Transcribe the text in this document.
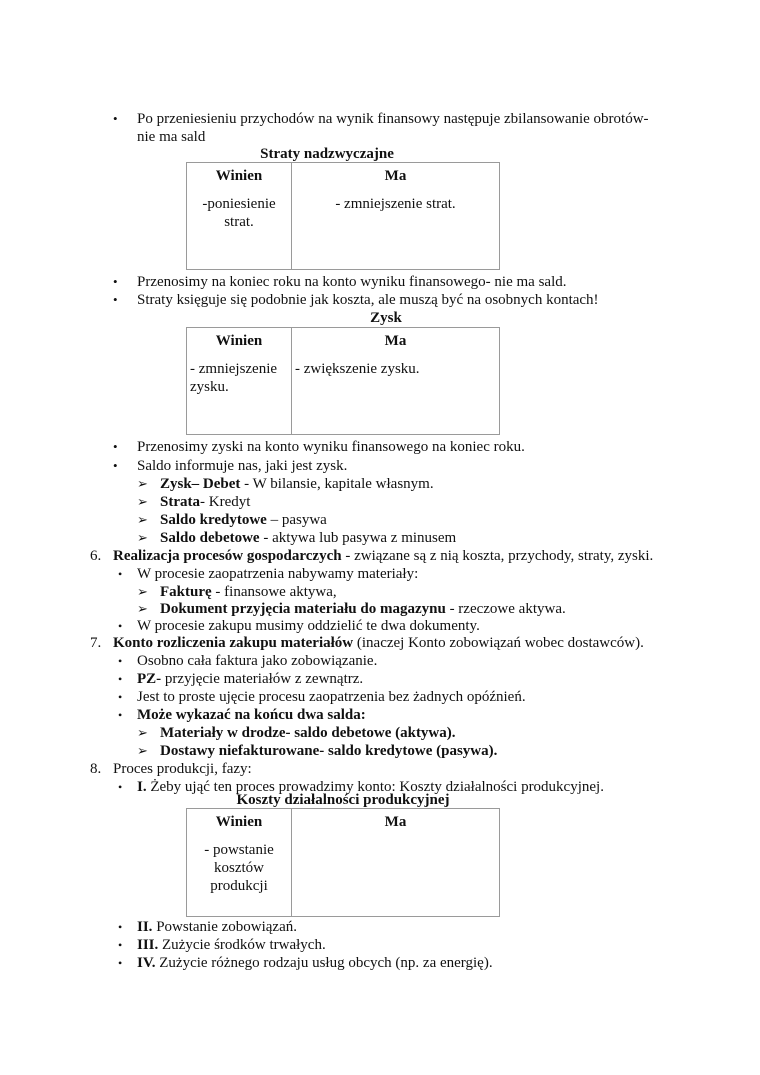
• Po przeniesieniu przychodów na wynik finansowy następuje zbilansowanie obrotów-
nie ma sald
Straty nadzwyczajne
Winien
-poniesienie
strat.
Ma
- zmniejszenie strat.
• Przenosimy na koniec roku na konto wyniku finansowego- nie ma sald.
• Straty księguje się podobnie jak koszta, ale muszą być na osobnych kontach!
Zysk
Winien
- zmniejszenie
zysku.
Ma
- zwiększenie zysku.
• Przenosimy zyski na konto wyniku finansowego na koniec roku.
• Saldo informuje nas, jaki jest zysk.
➢ Zysk– Debet - W bilansie, kapitale własnym.
➢ Strata- Kredyt
➢ Saldo kredytowe – pasywa
➢ Saldo debetowe - aktywa lub pasywa z minusem
6. Realizacja procesów gospodarczych - związane są z nią koszta, przychody, straty, zyski.
• W procesie zaopatrzenia nabywamy materiały:
➢ Fakturę - finansowe aktywa,
➢ Dokument przyjęcia materiału do magazynu - rzeczowe aktywa.
• W procesie zakupu musimy oddzielić te dwa dokumenty.
7. Konto rozliczenia zakupu materiałów (inaczej Konto zobowiązań wobec dostawców).
• Osobno cała faktura jako zobowiązanie.
• PZ- przyjęcie materiałów z zewnątrz.
• Jest to proste ujęcie procesu zaopatrzenia bez żadnych opóźnień.
• Może wykazać na końcu dwa salda:
➢ Materiały w drodze- saldo debetowe (aktywa).
➢ Dostawy niefakturowane- saldo kredytowe (pasywa).
8. Proces produkcji, fazy:
• I. Żeby ująć ten proces prowadzimy konto: Koszty działalności produkcyjnej.
Koszty działalności produkcyjnej
Winien
- powstanie
kosztów
produkcji
Ma
• II. Powstanie zobowiązań.
• III. Zużycie środków trwałych.
• IV. Zużycie różnego rodzaju usług obcych (np. za energię).
